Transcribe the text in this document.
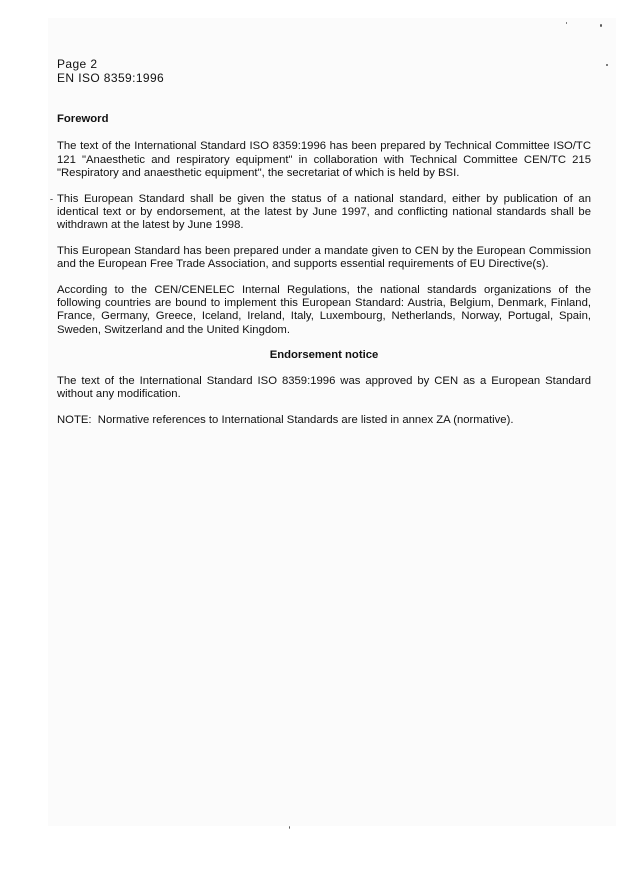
Page 2
EN ISO 8359:1996
Foreword

The text of the International Standard ISO 8359:1996 has been prepared by Technical Committee ISO/TC 121 "Anaesthetic and respiratory equipment" in collaboration with Technical Committee CEN/TC 215 "Respiratory and anaesthetic equipment", the secretariat of which is held by BSI.

This European Standard shall be given the status of a national standard, either by publication of an identical text or by endorsement, at the latest by June 1997, and conflicting national standards shall be withdrawn at the latest by June 1998.

This European Standard has been prepared under a mandate given to CEN by the European Commission and the European Free Trade Association, and supports essential requirements of EU Directive(s).

According to the CEN/CENELEC Internal Regulations, the national standards organizations of the following countries are bound to implement this European Standard: Austria, Belgium, Denmark, Finland, France, Germany, Greece, Iceland, Ireland, Italy, Luxembourg, Netherlands, Norway, Portugal, Spain, Sweden, Switzerland and the United Kingdom.

Endorsement notice

The text of the International Standard ISO 8359:1996 was approved by CEN as a European Standard without any modification.

NOTE:  Normative references to International Standards are listed in annex ZA (normative).
